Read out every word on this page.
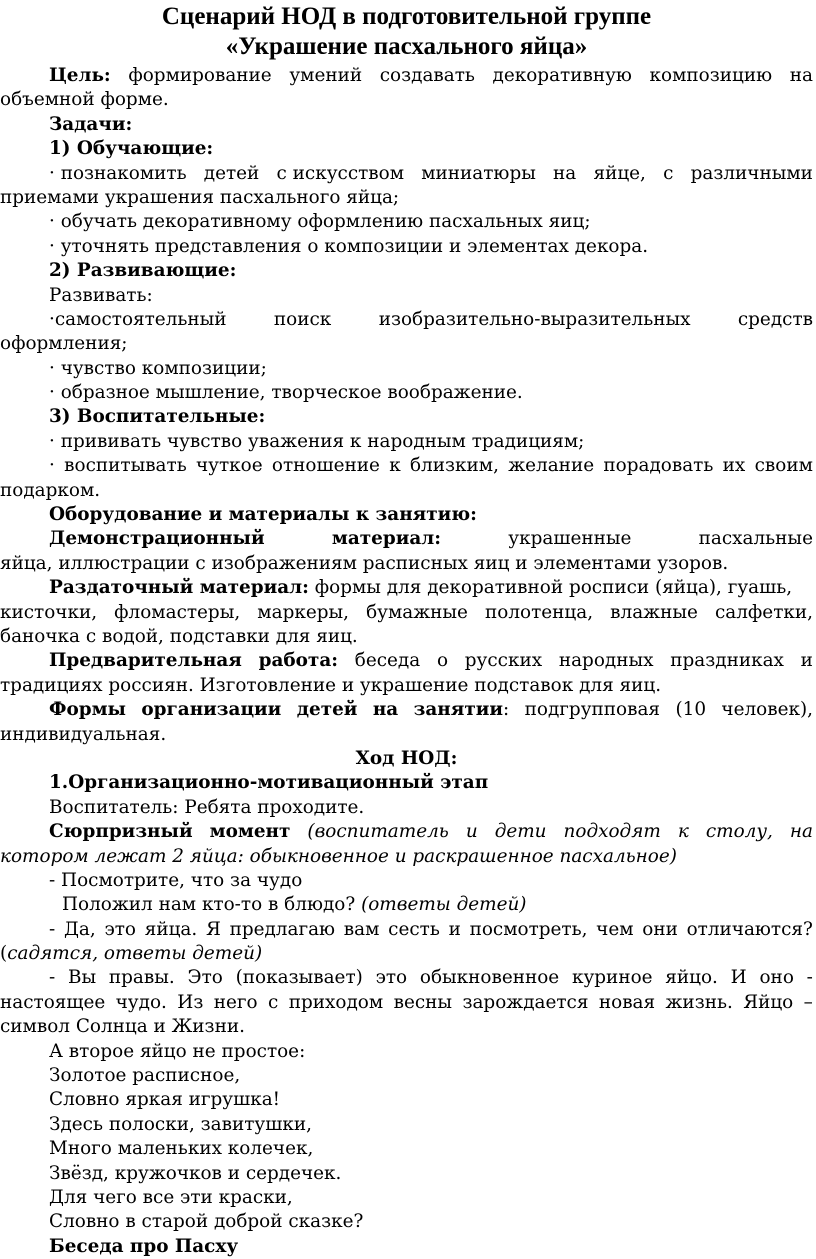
Сценарий НОД в подготовительной группе
«Украшение пасхального яйца»
Цель: формирование умений создавать декоративную композицию на
объемной форме.
Задачи:
1) Обучающие:
· познакомить детей с искусством миниатюры на яйце, с различными
приемами украшения пасхального яйца;
· обучать декоративному оформлению пасхальных яиц;
· уточнять представления о композиции и элементах декора.
2) Развивающие:
Развивать:
·самостоятельный	поиск	изобразительно-выразительных	средств
оформления;
· чувство композиции;
· образное мышление, творческое воображение.
3) Воспитательные:
· прививать чувство уважения к народным традициям;
· воспитывать чуткое отношение к близким, желание порадовать их своим
подарком.
Оборудование и материалы к занятию:
Демонстрационный	материал:	украшенные	пасхальные
яйца, иллюстрации с изображениям расписных яиц и элементами узоров.
Раздаточный материал: формы для декоративной росписи (яйца), гуашь,
кисточки, фломастеры, маркеры, бумажные полотенца, влажные салфетки,
баночка с водой, подставки для яиц.
Предварительная работа: беседа о русских народных праздниках и
традициях россиян. Изготовление и украшение подставок для яиц.
Формы организации детей на занятии: подгрупповая (10 человек),
индивидуальная.
Ход НОД:
1.Организационно-мотивационный этап
Воспитатель: Ребята проходите.
Сюрпризный момент (воспитатель и дети подходят к столу, на
котором лежат 2 яйца: обыкновенное и раскрашенное пасхальное)
- Посмотрите, что за чудо
Положил нам кто-то в блюдо? (ответы детей)
- Да, это яйца. Я предлагаю вам сесть и посмотреть, чем они отличаются?
(садятся, ответы детей)
- Вы правы. Это (показывает) это обыкновенное куриное яйцо. И оно -
настоящее чудо. Из него с приходом весны зарождается новая жизнь. Яйцо –
символ Солнца и Жизни.
А второе яйцо не простое:
Золотое расписное,
Словно яркая игрушка!
Здесь полоски, завитушки,
Много маленьких колечек,
Звёзд, кружочков и сердечек.
Для чего все эти краски,
Словно в старой доброй сказке?
Беседа про Пасху
